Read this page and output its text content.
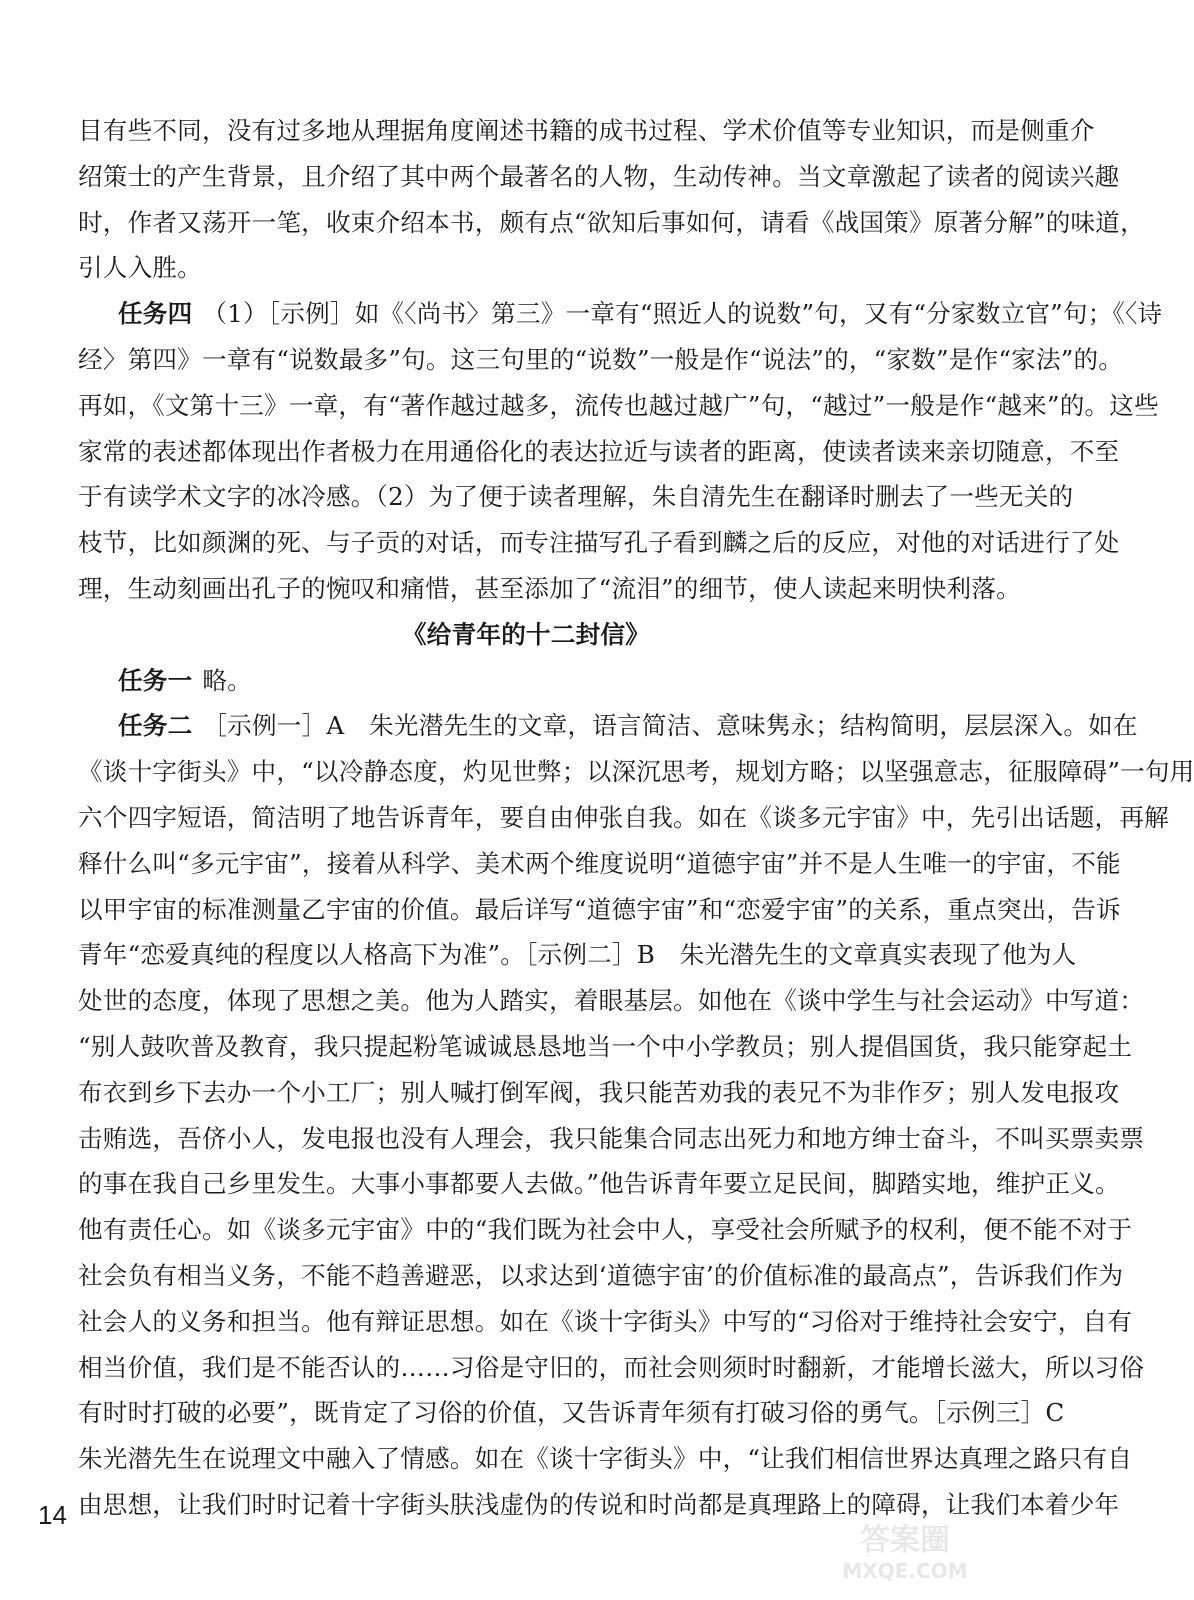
目有些不同，没有过多地从理据角度阐述书籍的成书过程、学术价值等专业知识，而是侧重介
绍策士的产生背景，且介绍了其中两个最著名的人物，生动传神。当文章激起了读者的阅读兴趣
时，作者又荡开一笔，收束介绍本书，颇有点“欲知后事如何，请看《战国策》原著分解”的味道，
引人入胜。
任务四 （1）［示例］如《〈尚书〉第三》一章有“照近人的说数”句，又有“分家数立官”句；《〈诗
经〉第四》一章有“说数最多”句。这三句里的“说数”一般是作“说法”的，“家数”是作“家法”的。
再如，《文第十三》一章，有“著作越过越多，流传也越过越广”句，“越过”一般是作“越来”的。这些
家常的表述都体现出作者极力在用通俗化的表达拉近与读者的距离，使读者读来亲切随意，不至
于有读学术文字的冰冷感。（2）为了便于读者理解，朱自清先生在翻译时删去了一些无关的
枝节，比如颜渊的死、与子贡的对话，而专注描写孔子看到麟之后的反应，对他的对话进行了处
理，生动刻画出孔子的惋叹和痛惜，甚至添加了“流泪”的细节，使人读起来明快利落。
《给青年的十二封信》
任务一 略。
任务二 ［示例一］A　朱光潜先生的文章，语言简洁、意味隽永；结构简明，层层深入。如在
《谈十字街头》中，“以冷静态度，灼见世弊；以深沉思考，规划方略；以坚强意志，征服障碍”一句用
六个四字短语，简洁明了地告诉青年，要自由伸张自我。如在《谈多元宇宙》中，先引出话题，再解
释什么叫“多元宇宙”，接着从科学、美术两个维度说明“道德宇宙”并不是人生唯一的宇宙，不能
以甲宇宙的标准测量乙宇宙的价值。最后详写“道德宇宙”和“恋爱宇宙”的关系，重点突出，告诉
青年“恋爱真纯的程度以人格高下为准”。［示例二］B　朱光潜先生的文章真实表现了他为人
处世的态度，体现了思想之美。他为人踏实，着眼基层。如他在《谈中学生与社会运动》中写道：
“别人鼓吹普及教育，我只提起粉笔诚诚恳恳地当一个中小学教员；别人提倡国货，我只能穿起土
布衣到乡下去办一个小工厂；别人喊打倒军阀，我只能苦劝我的表兄不为非作歹；别人发电报攻
击贿选，吾侪小人，发电报也没有人理会，我只能集合同志出死力和地方绅士奋斗，不叫买票卖票
的事在我自己乡里发生。大事小事都要人去做。”他告诉青年要立足民间，脚踏实地，维护正义。
他有责任心。如《谈多元宇宙》中的“我们既为社会中人，享受社会所赋予的权利，便不能不对于
社会负有相当义务，不能不趋善避恶，以求达到‘道德宇宙’的价值标准的最高点”，告诉我们作为
社会人的义务和担当。他有辩证思想。如在《谈十字街头》中写的“习俗对于维持社会安宁，自有
相当价值，我们是不能否认的……习俗是守旧的，而社会则须时时翻新，才能增长滋大，所以习俗
有时时打破的必要”，既肯定了习俗的价值，又告诉青年须有打破习俗的勇气。［示例三］C
朱光潜先生在说理文中融入了情感。如在《谈十字街头》中，“让我们相信世界达真理之路只有自
由思想，让我们时时记着十字街头肤浅虚伪的传说和时尚都是真理路上的障碍，让我们本着少年
14
答案圈
MXQE.COM
